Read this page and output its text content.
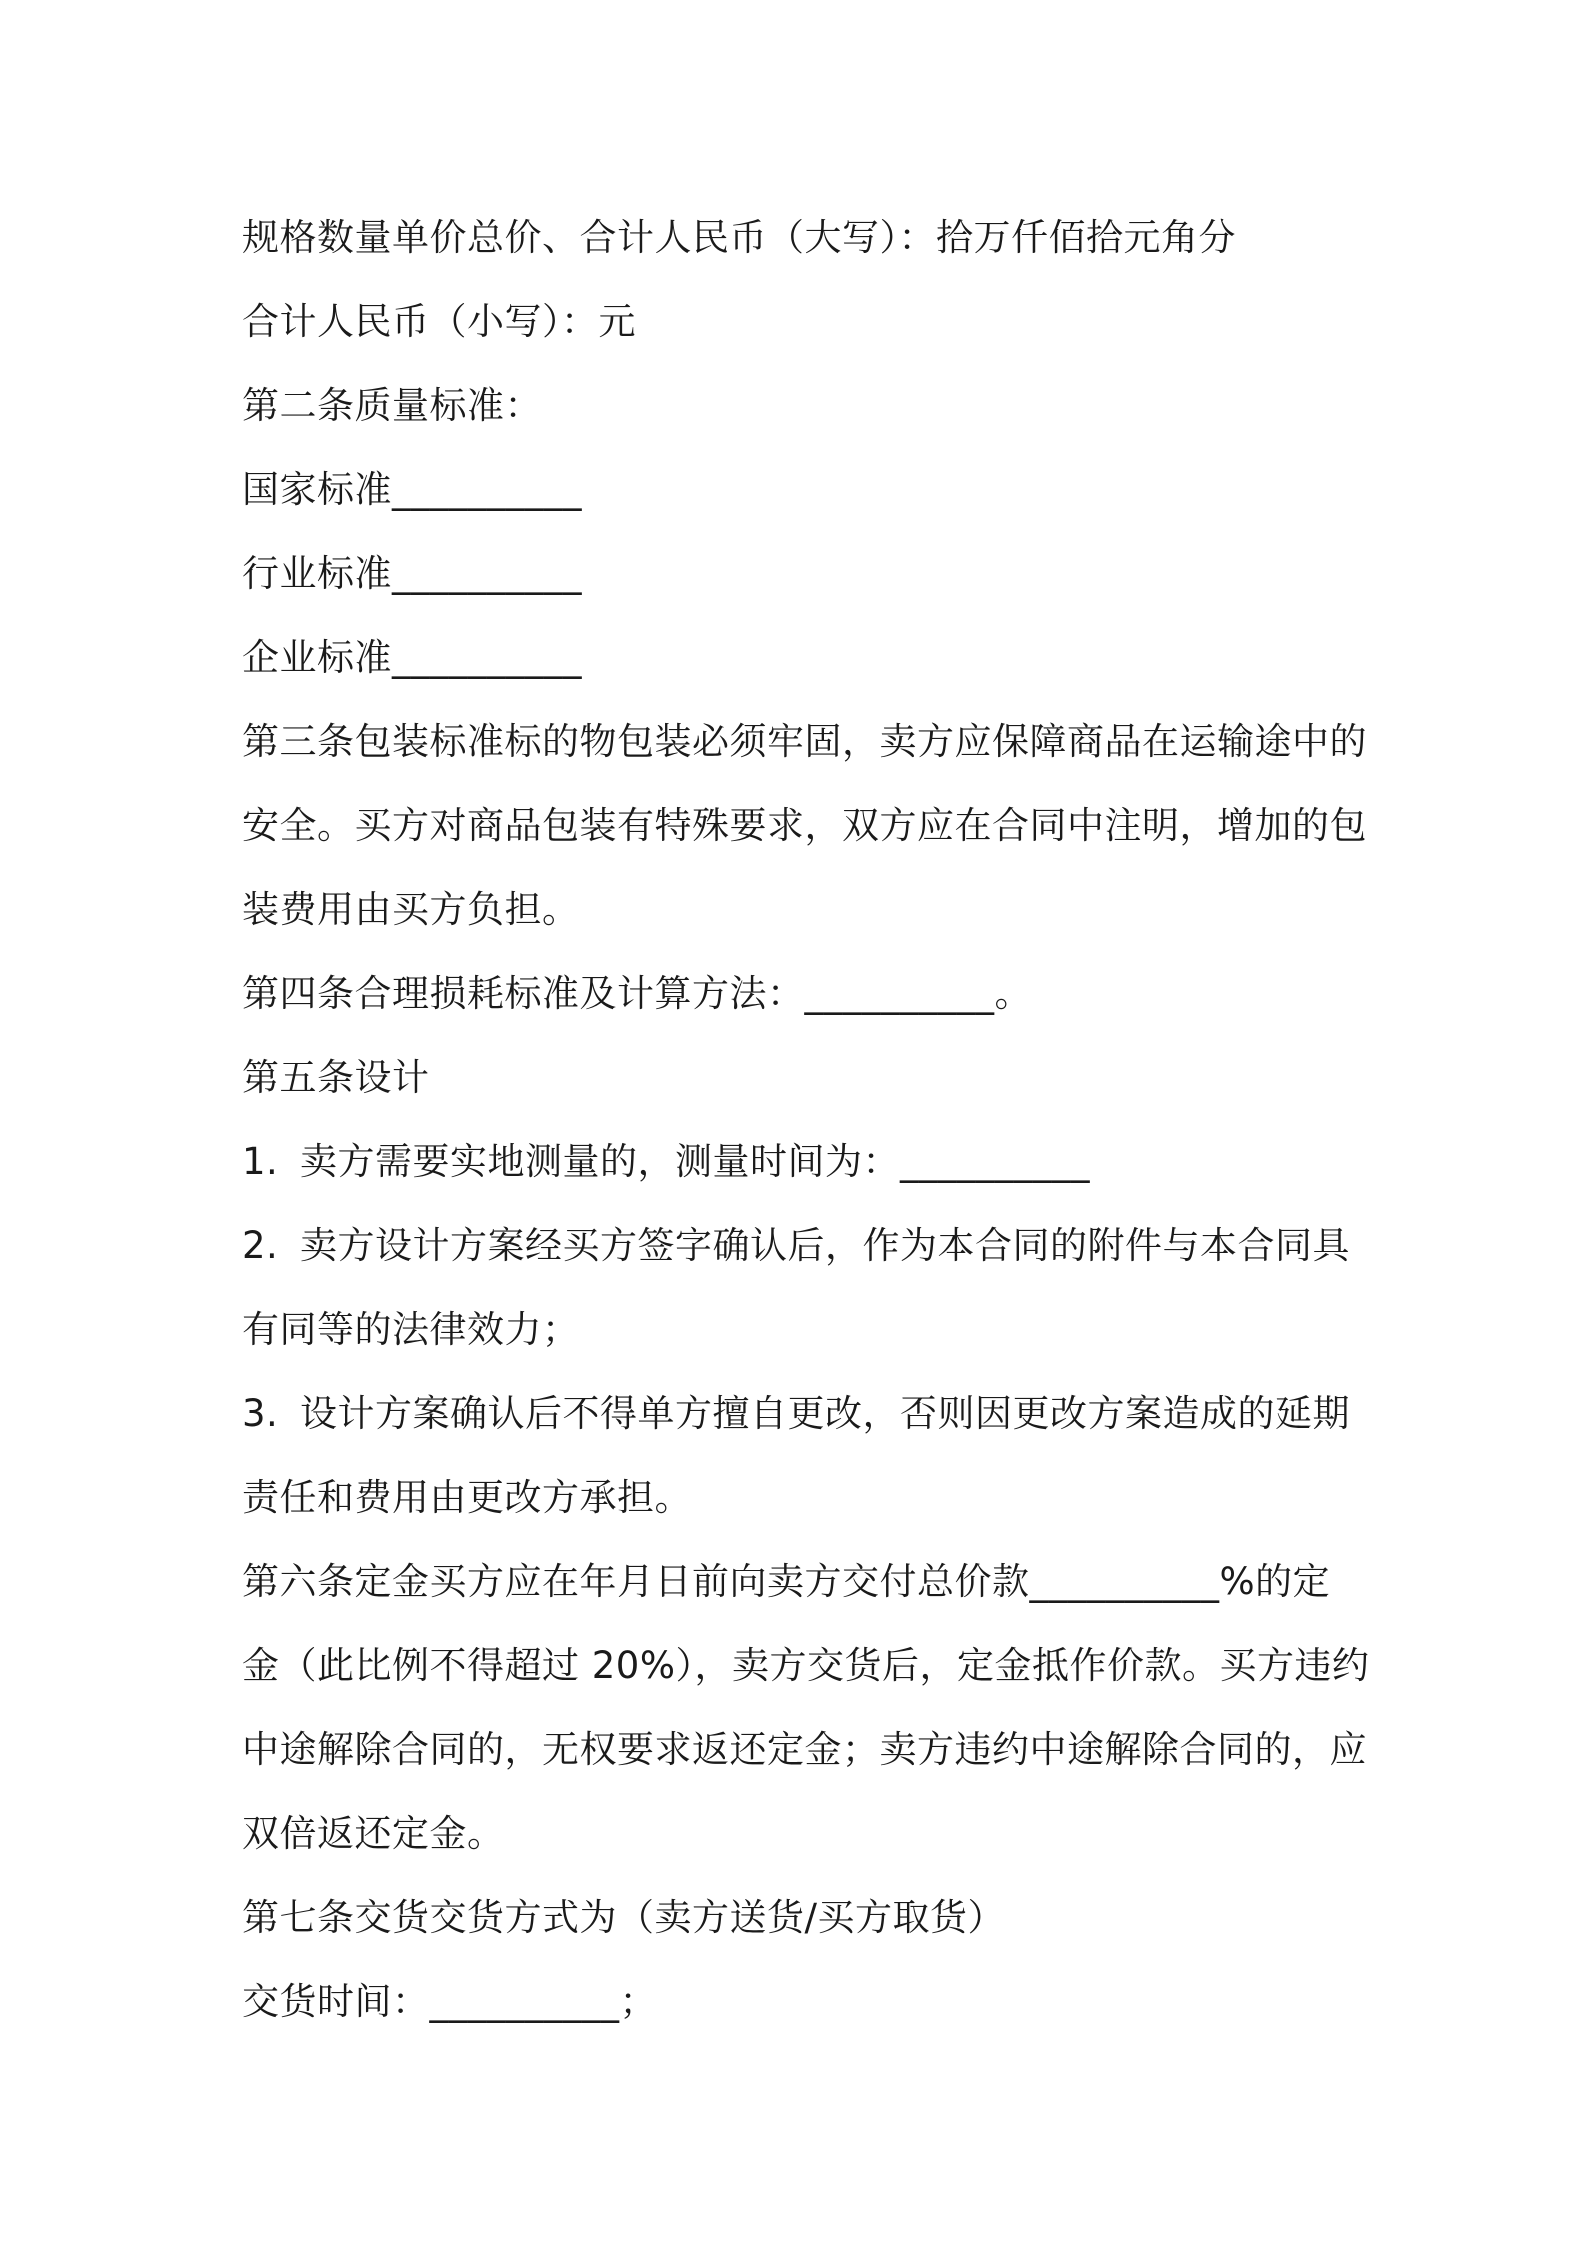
规格数量单价总价、合计人民币（大写）：拾万仟佰拾元角分
合计人民币（小写）：元
第二条质量标准：
国家标准__________
行业标准__________
企业标准__________
第三条包装标准标的物包装必须牢固，卖方应保障商品在运输途中的
安全。买方对商品包装有特殊要求，双方应在合同中注明，增加的包
装费用由买方负担。
第四条合理损耗标准及计算方法：__________。
第五条设计
1. 卖方需要实地测量的，测量时间为：__________
2. 卖方设计方案经买方签字确认后，作为本合同的附件与本合同具
有同等的法律效力；
3. 设计方案确认后不得单方擅自更改，否则因更改方案造成的延期
责任和费用由更改方承担。
第六条定金买方应在年月日前向卖方交付总价款__________%的定
金（此比例不得超过 20%），卖方交货后，定金抵作价款。买方违约
中途解除合同的，无权要求返还定金；卖方违约中途解除合同的，应
双倍返还定金。
第七条交货交货方式为（卖方送货/买方取货）
交货时间：__________；
